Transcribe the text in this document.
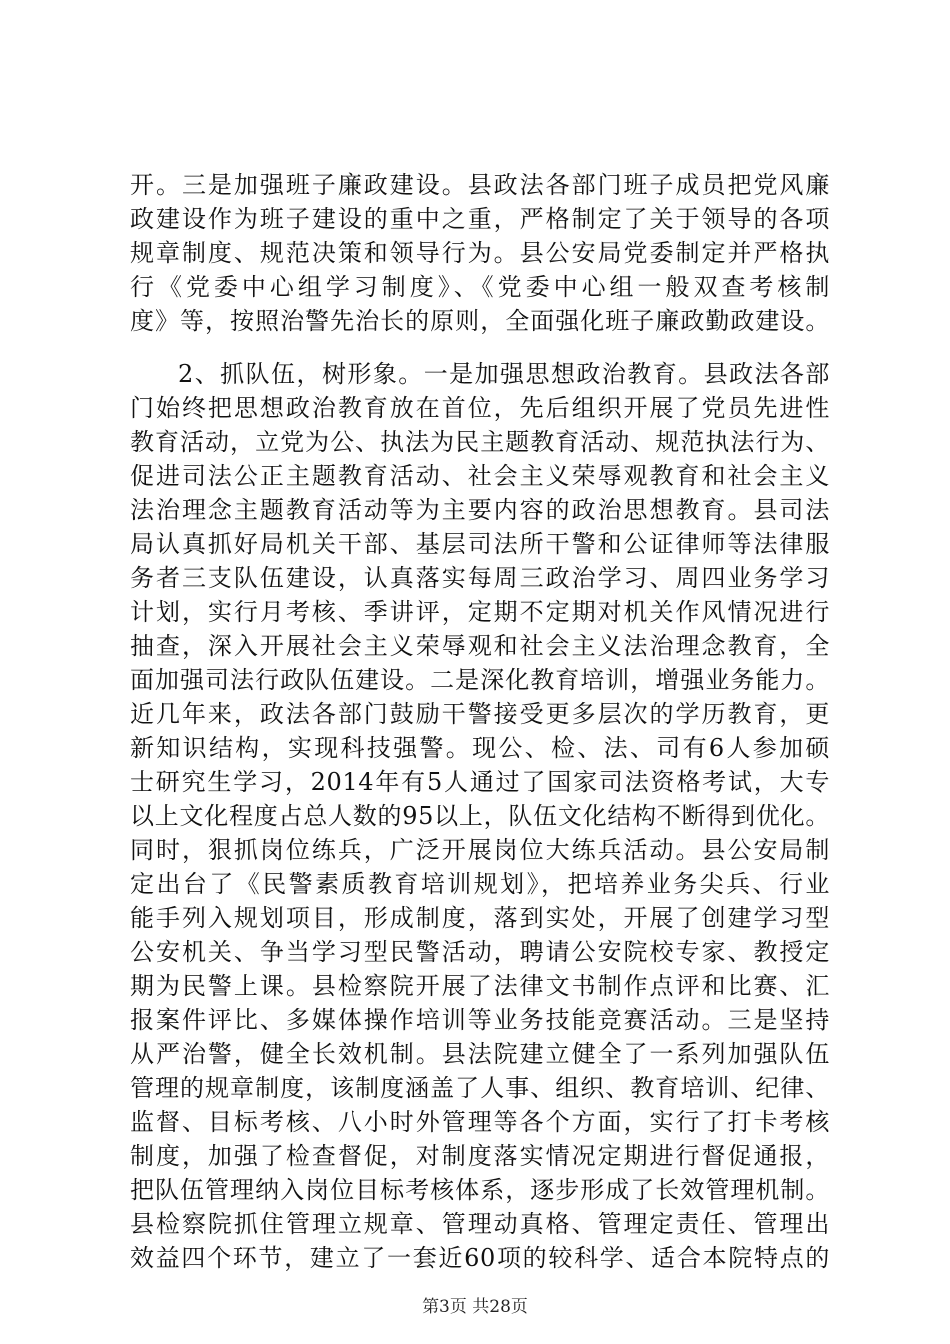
开。三是加强班子廉政建设。县政法各部门班子成员把党风廉
政建设作为班子建设的重中之重，严格制定了关于领导的各项
规章制度、规范决策和领导行为。县公安局党委制定并严格执
行《党委中心组学习制度》、《党委中心组一般双查考核制
度》等，按照治警先治长的原则，全面强化班子廉政勤政建设。
2、抓队伍，树形象。一是加强思想政治教育。县政法各部
门始终把思想政治教育放在首位，先后组织开展了党员先进性
教育活动，立党为公、执法为民主题教育活动、规范执法行为、
促进司法公正主题教育活动、社会主义荣辱观教育和社会主义
法治理念主题教育活动等为主要内容的政治思想教育。县司法
局认真抓好局机关干部、基层司法所干警和公证律师等法律服
务者三支队伍建设，认真落实每周三政治学习、周四业务学习
计划，实行月考核、季讲评，定期不定期对机关作风情况进行
抽查，深入开展社会主义荣辱观和社会主义法治理念教育，全
面加强司法行政队伍建设。二是深化教育培训，增强业务能力。
近几年来，政法各部门鼓励干警接受更多层次的学历教育，更
新知识结构，实现科技强警。现公、检、法、司有6人参加硕
士研究生学习，2014年有5人通过了国家司法资格考试，大专
以上文化程度占总人数的95以上，队伍文化结构不断得到优化。
同时，狠抓岗位练兵，广泛开展岗位大练兵活动。县公安局制
定出台了《民警素质教育培训规划》，把培养业务尖兵、行业
能手列入规划项目，形成制度，落到实处，开展了创建学习型
公安机关、争当学习型民警活动，聘请公安院校专家、教授定
期为民警上课。县检察院开展了法律文书制作点评和比赛、汇
报案件评比、多媒体操作培训等业务技能竞赛活动。三是坚持
从严治警，健全长效机制。县法院建立健全了一系列加强队伍
管理的规章制度，该制度涵盖了人事、组织、教育培训、纪律、
监督、目标考核、八小时外管理等各个方面，实行了打卡考核
制度，加强了检查督促，对制度落实情况定期进行督促通报，
把队伍管理纳入岗位目标考核体系，逐步形成了长效管理机制。
县检察院抓住管理立规章、管理动真格、管理定责任、管理出
效益四个环节，建立了一套近60项的较科学、适合本院特点的
第3页 共28页
